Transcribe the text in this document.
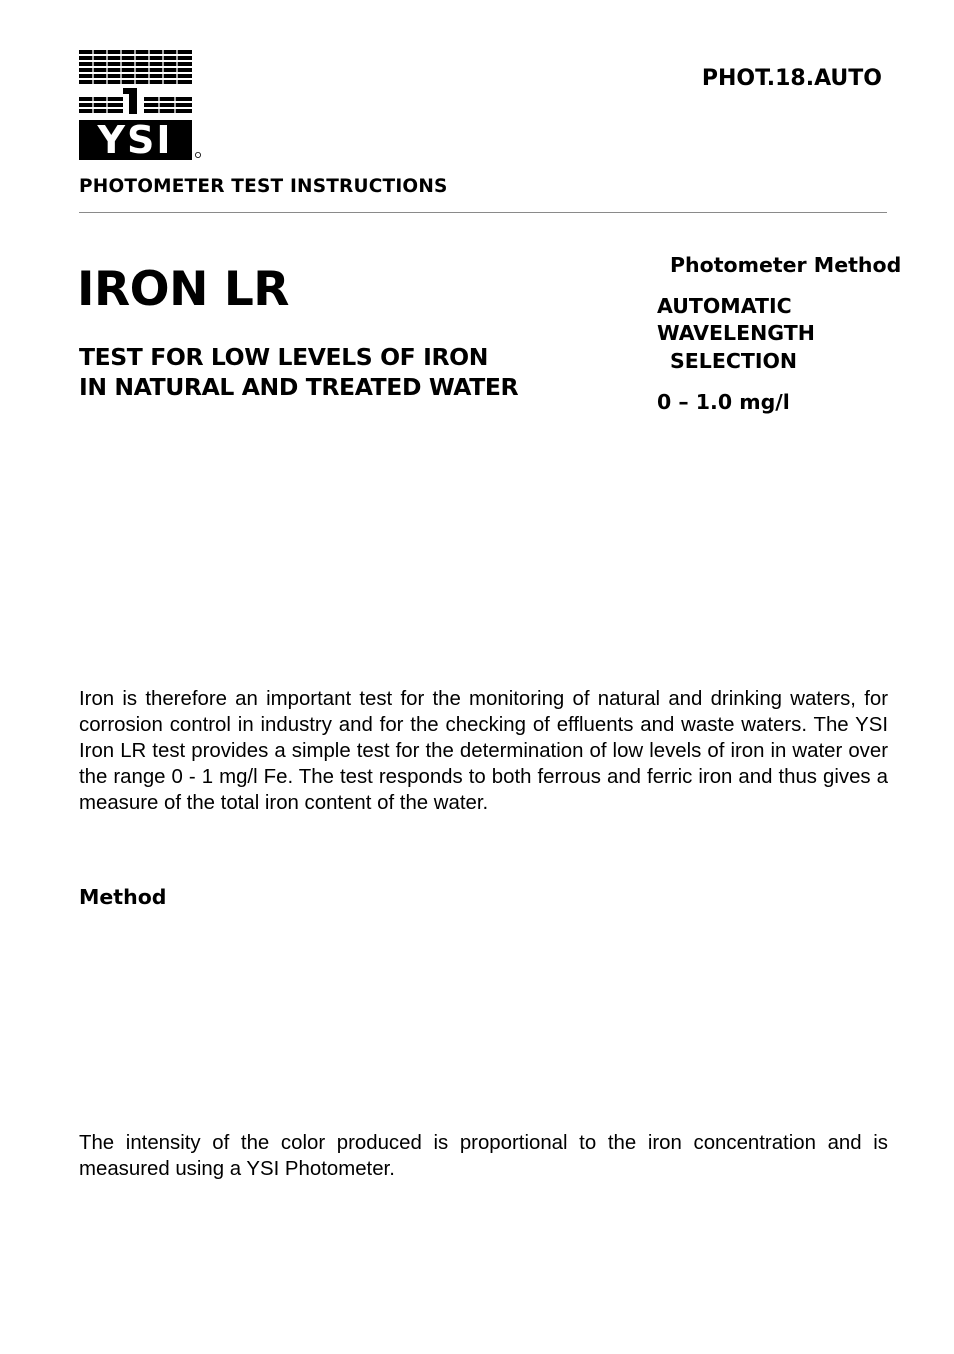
YSI
PHOT.18.AUTO
PHOTOMETER TEST INSTRUCTIONS
IRON LR
TEST FOR LOW LEVELS OF IRON
IN NATURAL AND TREATED WATER
Photometer Method
AUTOMATIC
WAVELENGTH
SELECTION
0 – 1.0 mg/l
Iron is therefore an important test for the monitoring of natural and drinking waters, for corrosion control in industry and for the checking of effluents and waste waters. The YSI Iron LR test provides a simple test for the determination of low levels of iron in water over the range 0 - 1 mg/l Fe. The test responds to both ferrous and ferric iron and thus gives a measure of the total iron content of the water.
Method
The intensity of the color produced is proportional to the iron concentration and is measured using a YSI Photometer.
